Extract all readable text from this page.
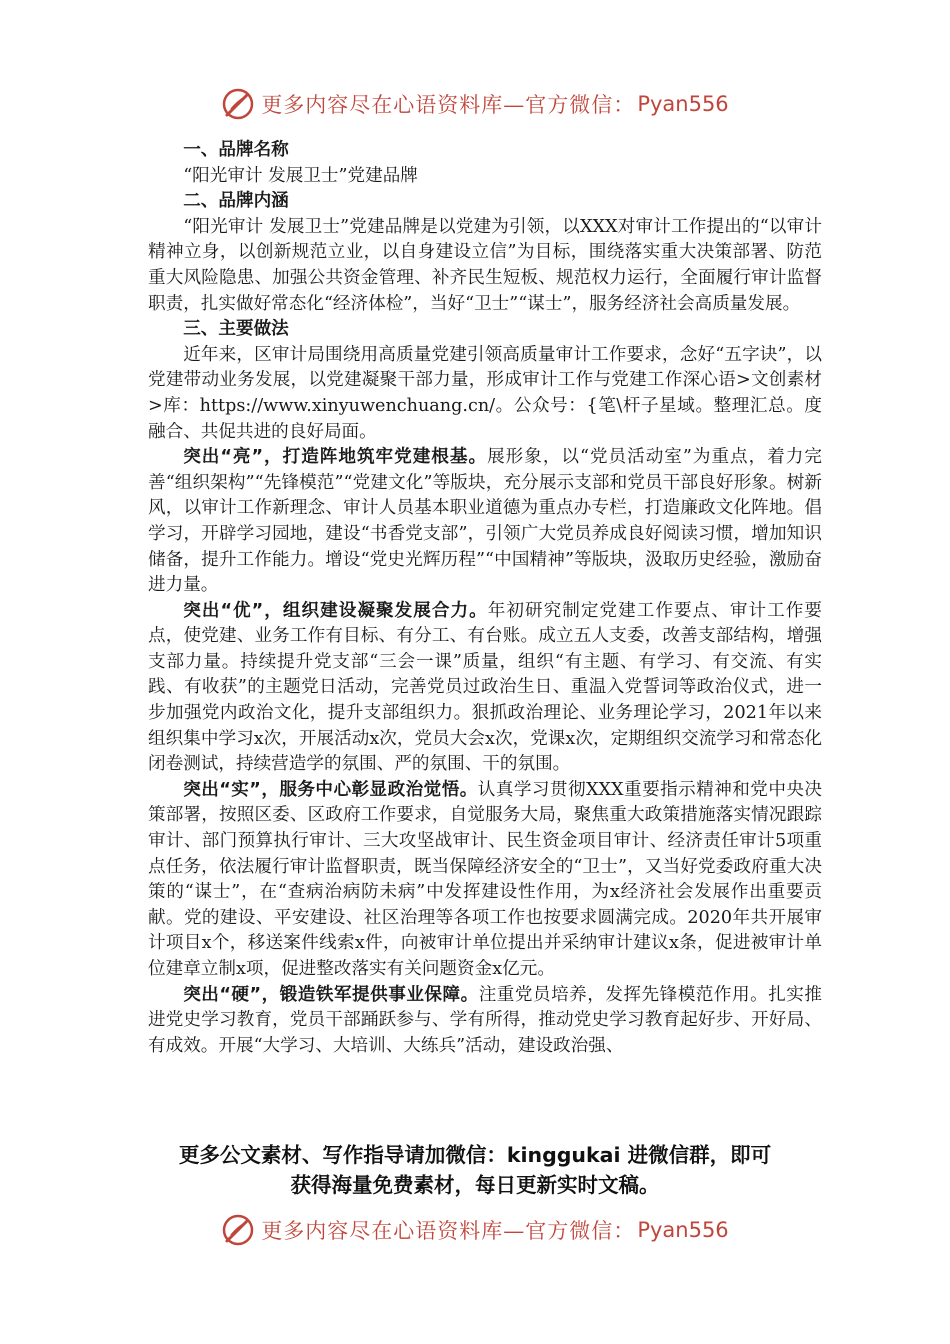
更多内容尽在心语资料库—官方微信： Pyan556

一、品牌名称

“阳光审计 发展卫士”党建品牌

二、品牌内涵

“阳光审计 发展卫士”党建品牌是以党建为引领，以XXX对审计工作提出的“以审计精神立身，以创新规范立业，以自身建设立信”为目标，围绕落实重大决策部署、防范重大风险隐患、加强公共资金管理、补齐民生短板、规范权力运行，全面履行审计监督职责，扎实做好常态化“经济体检”，当好“卫士”“谋士”，服务经济社会高质量发展。

三、主要做法

近年来，区审计局围绕用高质量党建引领高质量审计工作要求，念好“五字诀”，以党建带动业务发展，以党建凝聚干部力量，形成审计工作与党建工作深心语>文创素材>库：https://www.xinyuwenchuang.cn/。公众号：{笔\杆子星域。整理汇总。度融合、共促共进的良好局面。

突出“亮”，打造阵地筑牢党建根基。展形象，以“党员活动室”为重点，着力完善“组织架构”“先锋模范”“党建文化”等版块，充分展示支部和党员干部良好形象。树新风，以审计工作新理念、审计人员基本职业道德为重点办专栏，打造廉政文化阵地。倡学习，开辟学习园地，建设“书香党支部”，引领广大党员养成良好阅读习惯，增加知识储备，提升工作能力。增设“党史光辉历程”“中国精神”等版块，汲取历史经验，激励奋进力量。

突出“优”，组织建设凝聚发展合力。年初研究制定党建工作要点、审计工作要点，使党建、业务工作有目标、有分工、有台账。成立五人支委，改善支部结构，增强支部力量。持续提升党支部“三会一课”质量，组织“有主题、有学习、有交流、有实践、有收获”的主题党日活动，完善党员过政治生日、重温入党誓词等政治仪式，进一步加强党内政治文化，提升支部组织力。狠抓政治理论、业务理论学习，2021年以来组织集中学习x次，开展活动x次，党员大会x次，党课x次，定期组织交流学习和常态化闭卷测试，持续营造学的氛围、严的氛围、干的氛围。

突出“实”，服务中心彰显政治觉悟。认真学习贯彻XXX重要指示精神和党中央决策部署，按照区委、区政府工作要求，自觉服务大局，聚焦重大政策措施落实情况跟踪审计、部门预算执行审计、三大攻坚战审计、民生资金项目审计、经济责任审计5项重点任务，依法履行审计监督职责，既当保障经济安全的“卫士”，又当好党委政府重大决策的“谋士”，在“查病治病防未病”中发挥建设性作用，为x经济社会发展作出重要贡献。党的建设、平安建设、社区治理等各项工作也按要求圆满完成。2020年共开展审计项目x个，移送案件线索x件，向被审计单位提出并采纳审计建议x条，促进被审计单位建章立制x项，促进整改落实有关问题资金x亿元。

突出“硬”，锻造铁军提供事业保障。注重党员培养，发挥先锋模范作用。扎实推进党史学习教育，党员干部踊跃参与、学有所得，推动党史学习教育起好步、开好局、有成效。开展“大学习、大培训、大练兵”活动，建设政治强、

更多公文素材、写作指导请加微信：kinggukai 进微信群，即可
获得海量免费素材，每日更新实时文稿。
更多内容尽在心语资料库—官方微信： Pyan556
